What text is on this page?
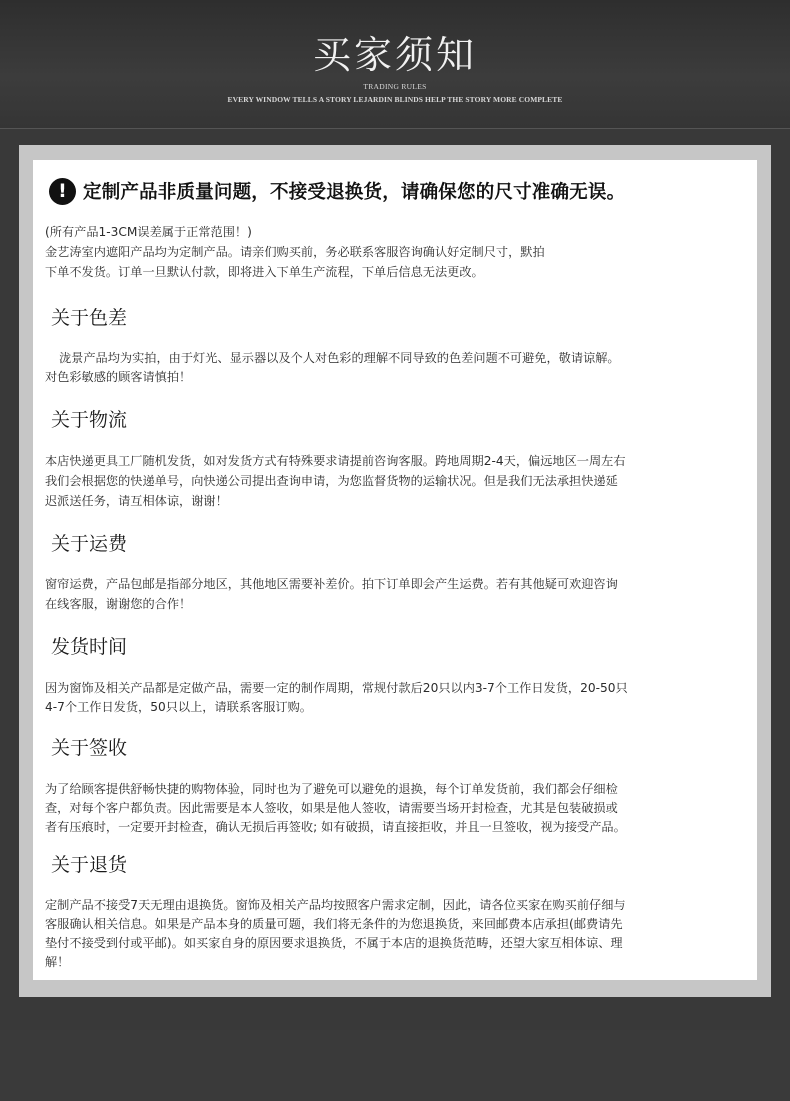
买家须知
TRADING RULES
EVERY WINDOW TELLS A STORY LEJARDIN BLINDS HELP THE STORY MORE COMPLETE
! 定制产品非质量问题，不接受退换货，请确保您的尺寸准确无误。
(所有产品1-3CM误差属于正常范围！)
金艺涛室内遮阳产品均为定制产品。请亲们购买前，务必联系客服咨询确认好定制尺寸，默拍
下单不发货。订单一旦默认付款，即将进入下单生产流程，下单后信息无法更改。
关于色差
泷景产品均为实拍，由于灯光、显示器以及个人对色彩的理解不同导致的色差问题不可避免，敬请谅解。
对色彩敏感的顾客请慎拍！
关于物流
本店快递更具工厂随机发货，如对发货方式有特殊要求请提前咨询客服。跨地周期2-4天，偏远地区一周左右
我们会根据您的快递单号，向快递公司提出查询申请，为您监督货物的运输状况。但是我们无法承担快递延
迟派送任务，请互相体谅，谢谢！
关于运费
窗帘运费，产品包邮是指部分地区，其他地区需要补差价。拍下订单即会产生运费。若有其他疑可欢迎咨询
在线客服，谢谢您的合作！
发货时间
因为窗饰及相关产品都是定做产品，需要一定的制作周期，常规付款后20只以内3-7个工作日发货，20-50只
4-7个工作日发货，50只以上，请联系客服订购。
关于签收
为了给顾客提供舒畅快捷的购物体验，同时也为了避免可以避免的退换，每个订单发货前，我们都会仔细检
查，对每个客户都负责。因此需要是本人签收，如果是他人签收，请需要当场开封检查，尤其是包装破损或
者有压痕时，一定要开封检查，确认无损后再签收; 如有破损，请直接拒收，并且一旦签收，视为接受产品。
关于退货
定制产品不接受7天无理由退换货。窗饰及相关产品均按照客户需求定制，因此，请各位买家在购买前仔细与
客服确认相关信息。如果是产品本身的质量可题，我们将无条件的为您退换货，来回邮费本店承担(邮费请先
垫付不接受到付或平邮)。如买家自身的原因要求退换货，不属于本店的退换货范畴，还望大家互相体谅、理
解！
